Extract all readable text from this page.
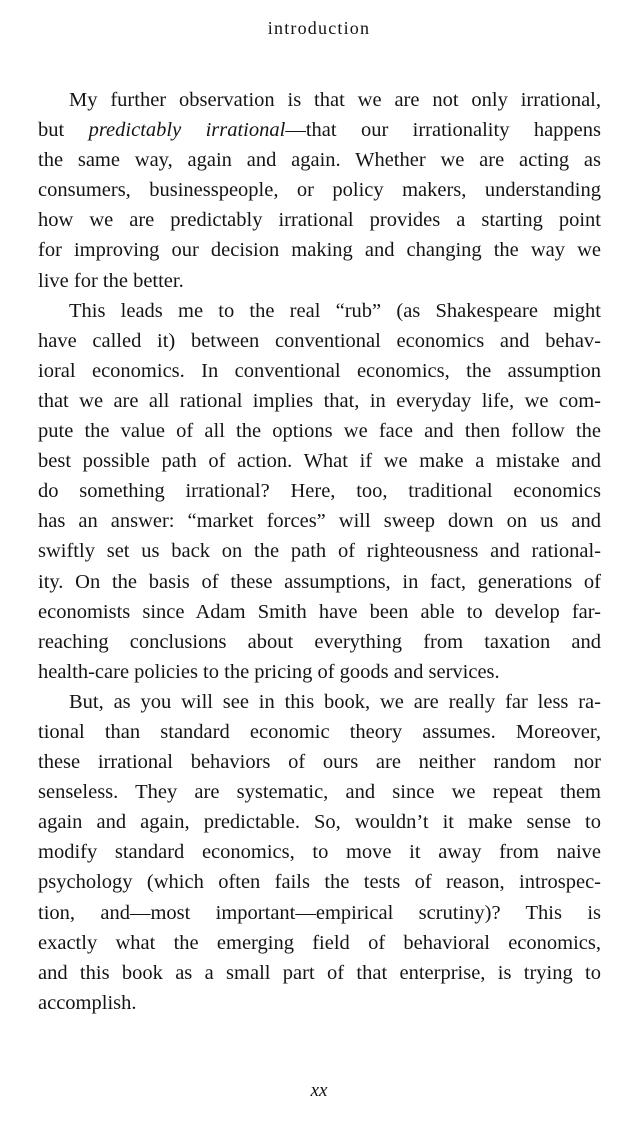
introduction
My further observation is that we are not only irrational,
but predictably irrational—that our irrationality happens
the same way, again and again. Whether we are acting as
consumers, businesspeople, or policy makers, understanding
how we are predictably irrational provides a starting point
for improving our decision making and changing the way we
live for the better.
This leads me to the real “rub” (as Shakespeare might
have called it) between conventional economics and behav-
ioral economics. In conventional economics, the assumption
that we are all rational implies that, in everyday life, we com-
pute the value of all the options we face and then follow the
best possible path of action. What if we make a mistake and
do something irrational? Here, too, traditional economics
has an answer: “market forces” will sweep down on us and
swiftly set us back on the path of righteousness and rational-
ity. On the basis of these assumptions, in fact, generations of
economists since Adam Smith have been able to develop far-
reaching conclusions about everything from taxation and
health-care policies to the pricing of goods and services.
But, as you will see in this book, we are really far less ra-
tional than standard economic theory assumes. Moreover,
these irrational behaviors of ours are neither random nor
senseless. They are systematic, and since we repeat them
again and again, predictable. So, wouldn’t it make sense to
modify standard economics, to move it away from naive
psychology (which often fails the tests of reason, introspec-
tion, and—most important—empirical scrutiny)? This is
exactly what the emerging field of behavioral economics,
and this book as a small part of that enterprise, is trying to
accomplish.
xx
